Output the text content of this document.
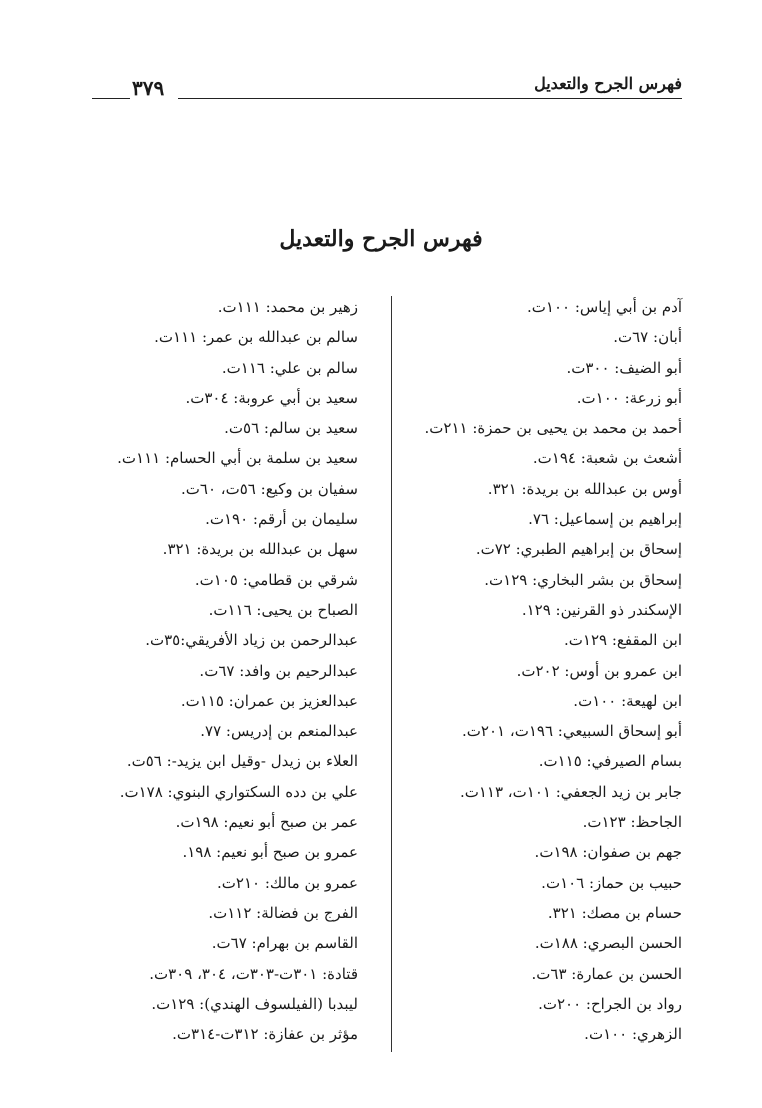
فهرس الجرح والتعديل
٣٧٩
فهرس الجرح والتعديل
آدم بن أبي إياس: ١٠٠ت.
أبان: ٦٧ت.
أبو الضيف: ٣٠٠ت.
أبو زرعة: ١٠٠ت.
أحمد بن محمد بن يحيى بن حمزة: ٢١١ت.
أشعث بن شعبة: ١٩٤ت.
أوس بن عبدالله بن بريدة: ٣٢١.
إبراهيم بن إسماعيل: ٧٦.
إسحاق بن إبراهيم الطبري: ٧٢ت.
إسحاق بن بشر البخاري: ١٢٩ت.
الإسكندر ذو القرنين: ١٢٩.
ابن المقفع: ١٢٩ت.
ابن عمرو بن أوس: ٢٠٢ت.
ابن لهيعة: ١٠٠ت.
أبو إسحاق السبيعي: ١٩٦ت، ٢٠١ت.
بسام الصيرفي: ١١٥ت.
جابر بن زيد الجعفي: ١٠١ت، ١١٣ت.
الجاحظ: ١٢٣ت.
جهم بن صفوان: ١٩٨ت.
حبيب بن حماز: ١٠٦ت.
حسام بن مصك: ٣٢١.
الحسن البصري: ١٨٨ت.
الحسن بن عمارة: ٦٣ت.
رواد بن الجراح: ٢٠٠ت.
الزهري: ١٠٠ت.
زهير بن محمد: ١١١ت.
سالم بن عبدالله بن عمر: ١١١ت.
سالم بن علي: ١١٦ت.
سعيد بن أبي عروبة: ٣٠٤ت.
سعيد بن سالم: ٥٦ت.
سعيد بن سلمة بن أبي الحسام: ١١١ت.
سفيان بن وكيع: ٥٦ت، ٦٠ت.
سليمان بن أرقم: ١٩٠ت.
سهل بن عبدالله بن بريدة: ٣٢١.
شرقي بن قطامي: ١٠٥ت.
الصباح بن يحيى: ١١٦ت.
عبدالرحمن بن زياد الأفريقي:٣٥ت.
عبدالرحيم بن وافد: ٦٧ت.
عبدالعزيز بن عمران: ١١٥ت.
عبدالمنعم بن إدريس: ٧٧.
العلاء بن زيدل -وقيل ابن يزيد-: ٥٦ت.
علي بن دده السكتواري البنوي: ١٧٨ت.
عمر بن صبح أبو نعيم: ١٩٨ت.
عمرو بن صبح أبو نعيم: ١٩٨.
عمرو بن مالك: ٢١٠ت.
الفرج بن فضالة: ١١٢ت.
القاسم بن بهرام: ٦٧ت.
قتادة: ٣٠١ت-٣٠٣ت، ٣٠٤، ٣٠٩ت.
ليبدبا (الفيلسوف الهندي): ١٢٩ت.
مؤثر بن عفازة: ٣١٢ت-٣١٤ت.
